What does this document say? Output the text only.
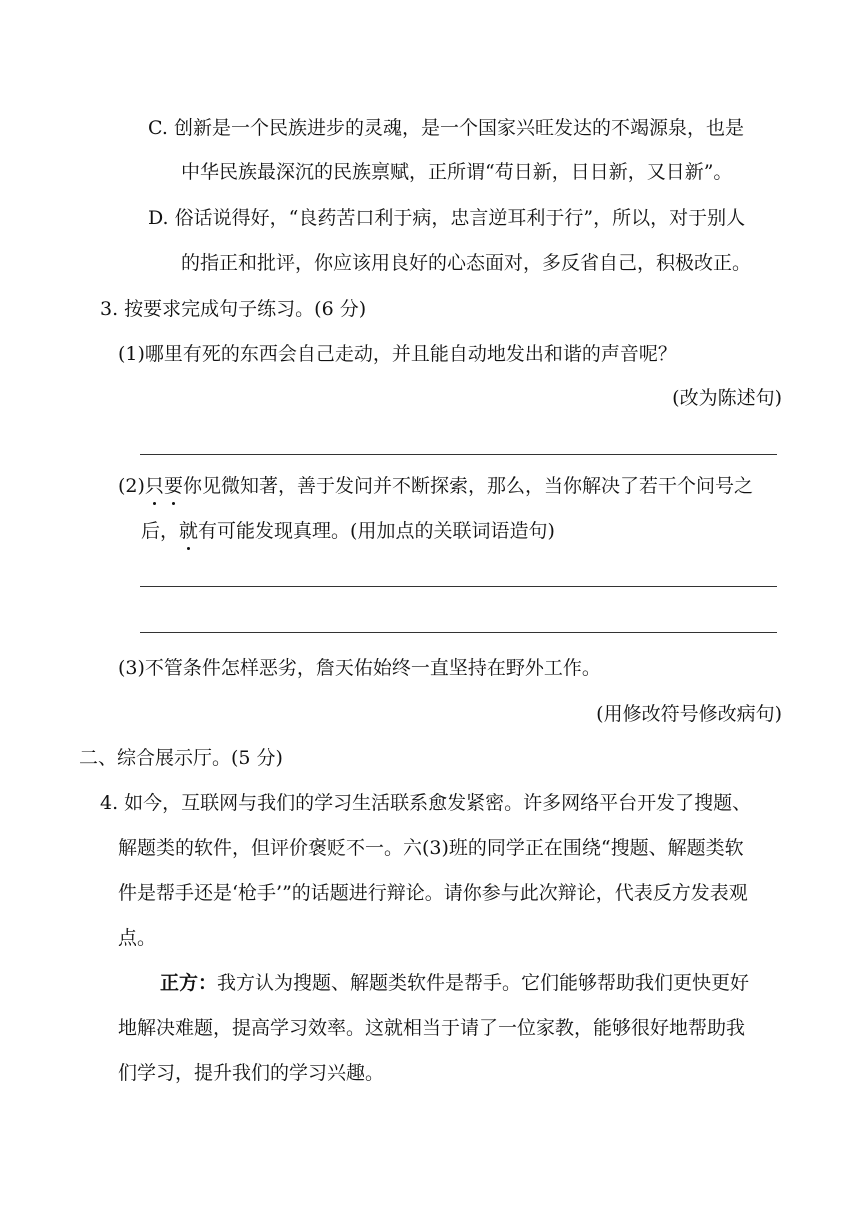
C. 创新是一个民族进步的灵魂，是一个国家兴旺发达的不竭源泉，也是
中华民族最深沉的民族禀赋，正所谓“苟日新，日日新，又日新”。
D. 俗话说得好，“良药苦口利于病，忠言逆耳利于行”，所以，对于别人
的指正和批评，你应该用良好的心态面对，多反省自己，积极改正。
3. 按要求完成句子练习。(6 分)
(1)哪里有死的东西会自己走动，并且能自动地发出和谐的声音呢？
(改为陈述句)
(2)只要你见微知著，善于发问并不断探索，那么，当你解决了若干个问号之
后，就有可能发现真理。(用加点的关联词语造句)
(3)不管条件怎样恶劣，詹天佑始终一直坚持在野外工作。
(用修改符号修改病句)
二、综合展示厅。(5 分)
4. 如今，互联网与我们的学习生活联系愈发紧密。许多网络平台开发了搜题、
解题类的软件，但评价褒贬不一。六(3)班的同学正在围绕“搜题、解题类软
件是帮手还是‘枪手’”的话题进行辩论。请你参与此次辩论，代表反方发表观
点。
正方：我方认为搜题、解题类软件是帮手。它们能够帮助我们更快更好
地解决难题，提高学习效率。这就相当于请了一位家教，能够很好地帮助我
们学习，提升我们的学习兴趣。
